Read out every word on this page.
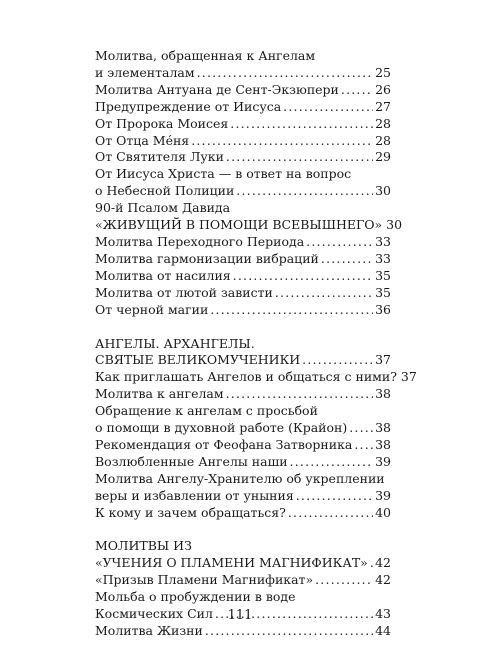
Молитва, обращенная к Ангелам
и элементалам .....	25
Молитва Антуана де Сент-Экзюпери .....	26
Предупреждение от Иисуса .....	27
От Пророка Моисея .....	28
От Отца Мéня .....	28
От Святителя Луки .....	29
От Иисуса Христа — в ответ на вопрос
о Небесной Полиции .....	30
90-й Псалом Давида
«ЖИВУЩИЙ В ПОМОЩИ ВСЕВЫШНЕГО» 30
Молитва Переходного Периода .....	33
Молитва гармонизации вибраций .....	33
Молитва от насилия .....	35
Молитва от лютой зависти .....	35
От черной магии .....	36
АНГЕЛЫ. АРХАНГЕЛЫ.
СВЯТЫЕ ВЕЛИКОМУЧЕНИКИ .....	37
Как приглашать Ангелов и общаться с ними? 37
Молитва к ангелам .....	38
Обращение к ангелам с просьбой
о помощи в духовной работе (Крайон) ..... 38
Рекомендация от Феофана Затворника ..... 38
Возлюбленные Ангелы наши .....	39
Молитва Ангелу-Хранителю об укреплении
веры и избавлении от уныния .....	39
К кому и зачем обращаться? .....	40
МОЛИТВЫ ИЗ
«УЧЕНИЯ О ПЛАМЕНИ МАГНИФИКАТ» ..... 42
«Призыв Пламени Магнификат» .....	42
Мольба о пробуждении в воде
Космических Сил .....	43
Молитва Жизни .....	44
111
